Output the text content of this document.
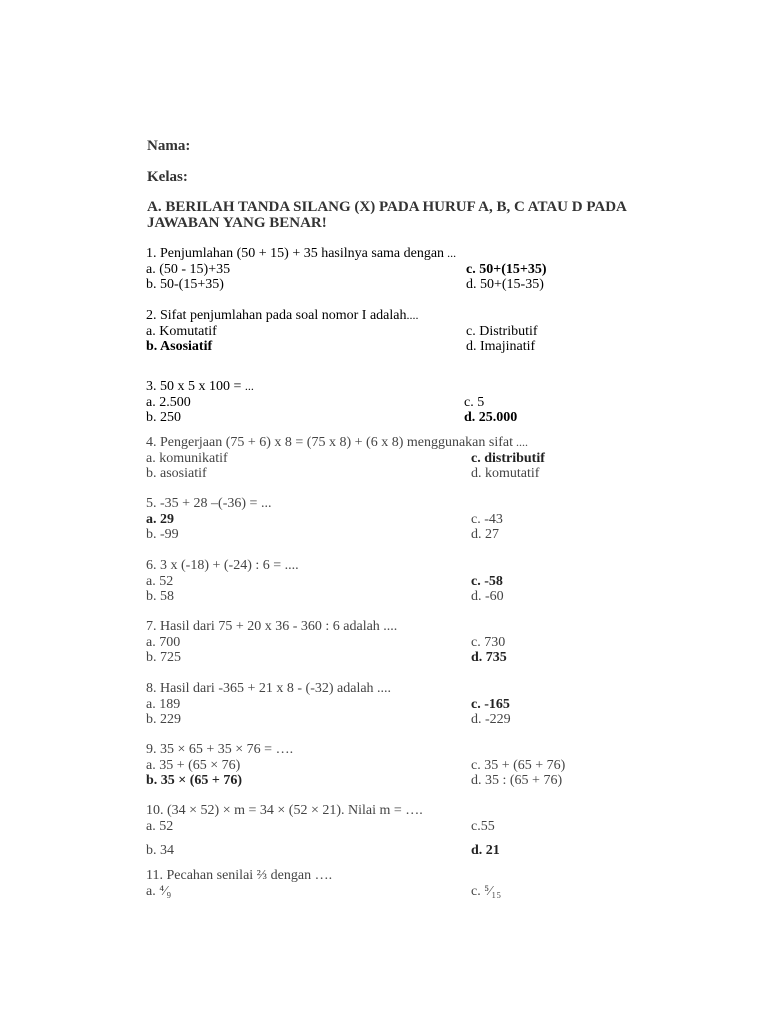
Nama:
Kelas:
A. BERILAH TANDA SILANG (X) PADA HURUF A, B, C ATAU D PADA JAWABAN YANG BENAR!
1. Penjumlahan (50 + 15) + 35 hasilnya sama dengan ...
a. (50 - 15)+35	c. 50+(15+35)
b. 50-(15+35)	d. 50+(15-35)
2. Sifat penjumlahan pada soal nomor I adalah....
a. Komutatif	c. Distributif
b. Asosiatif	d. Imajinatif
3. 50 x 5 x 100 = ...
a. 2.500	c. 5
b. 250	d. 25.000
4. Pengerjaan (75 + 6) x 8 = (75 x 8) + (6 x 8) menggunakan sifat ....
a. komunikatif	c. distributif
b. asosiatif	d. komutatif
5. -35 + 28 –(-36) = ...
a. 29	c. -43
b. -99	d. 27
6. 3 x (-18) + (-24) : 6 = ....
a. 52	c. -58
b. 58	d. -60
7. Hasil dari 75 + 20 x 36 - 360 : 6 adalah ....
a. 700	c. 730
b. 725	d. 735
8. Hasil dari -365 + 21 x 8 - (-32) adalah ....
a. 189	c. -165
b. 229	d. -229
9. 35 × 65 + 35 × 76 = ….
a. 35 + (65 × 76)	c. 35 + (65 + 76)
b. 35 × (65 + 76)	d. 35 : (65 + 76)
10. (34 × 52) × m = 34 × (52 × 21). Nilai m = ….
a. 52	c.55
b. 34	d. 21
11. Pecahan senilai ⅔ dengan ….
a. ⁴⁄₉	c. ⁵⁄₁₅
